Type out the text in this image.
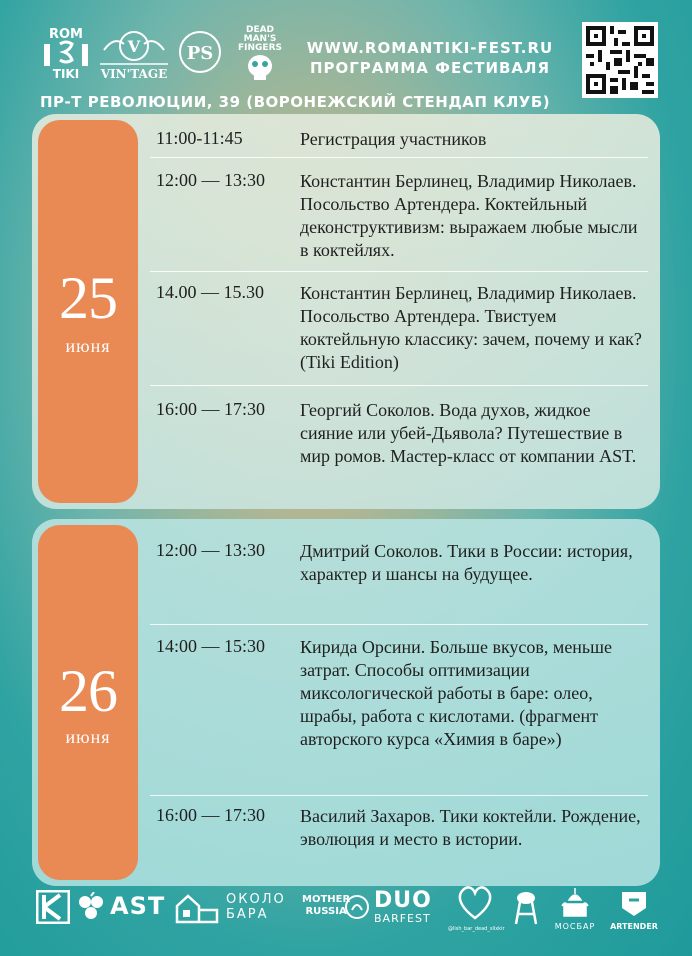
ROM
TIKI
V
VIN'TAGE
PS
DEAD
MAN'S
FINGERS	WWW.ROMANTIKI-FEST.RU
ПРОГРАММА ФЕСТИВАЛЯ
ПР-Т РЕВОЛЮЦИИ, 39 (ВОРОНЕЖСКИЙ СТЕНДАП КЛУБ)
25
июня
11:00-11:45	Регистрация участников
12:00 — 13:30	Константин Берлинец, Владимир Николаев. Посольство Артендера. Коктейльный деконструктивизм: выражаем любые мысли в коктейлях.
14.00 — 15.30	Константин Берлинец, Владимир Николаев. Посольство Артендера. Твистуем коктейльную классику: зачем, почему и как? (Tiki Edition)
16:00 — 17:30	Георгий Соколов. Вода духов, жидкое сияние или убей-Дьявола? Путешествие в мир ромов. Мастер-класс от компании AST.
26
июня
12:00 — 13:30	Дмитрий Соколов. Тики в России: история, характер и шансы на будущее.
14:00 — 15:30	Кирида Орсини. Больше вкусов, меньше затрат. Способы оптимизации миксологической работы в баре: олео, шрабы, работа с кислотами. (фрагмент авторского курса «Химия в баре»)
16:00 — 17:30	Василий Захаров. Тики коктейли. Рождение, эволюция и место в истории.
AST	ОКОЛО
БАРА
MOTHER
RUSSIA DUO
BARFEST
@lish_bar_dead_slixkir	МОСБАР	ARTENDER
